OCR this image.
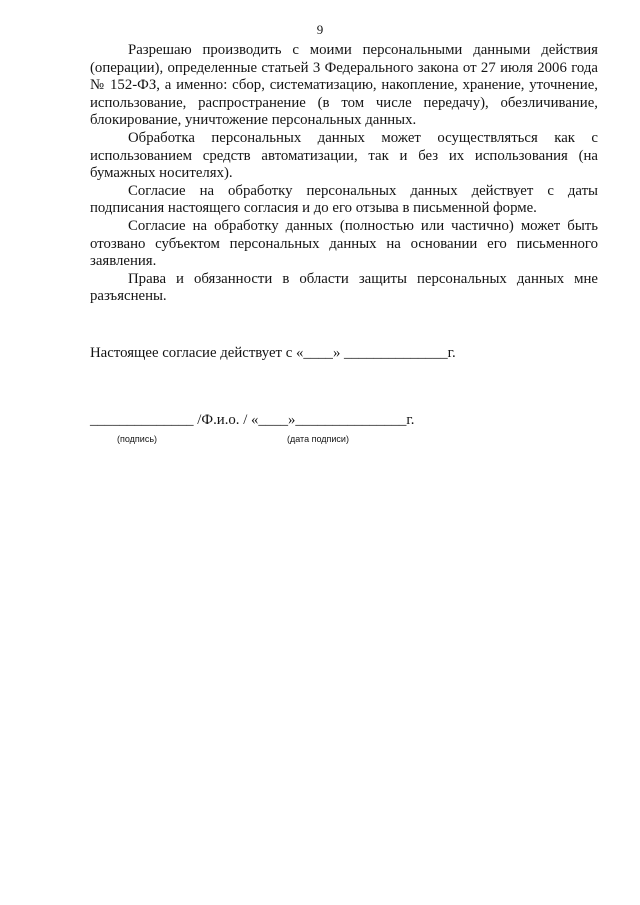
9

Разрешаю производить с моими персональными данными действия (операции), определенные статьей 3 Федерального закона от 27 июля 2006 года № 152-ФЗ, а именно: сбор, систематизацию, накопление, хранение, уточнение, использование, распространение (в том числе передачу), обезличивание, блокирование, уничтожение персональных данных.

Обработка персональных данных может осуществляться как с использованием средств автоматизации, так и без их использования (на бумажных носителях).

Согласие на обработку персональных данных действует с даты подписания настоящего согласия и до его отзыва в письменной форме.

Согласие на обработку данных (полностью или частично) может быть отозвано субъектом персональных данных на основании его письменного заявления.

Права и обязанности в области защиты персональных данных мне разъяснены.

Настоящее согласие действует с «____» ______________г.
______________ /Ф.и.о. / «____»_______________г.
(подпись)	(дата подписи)
